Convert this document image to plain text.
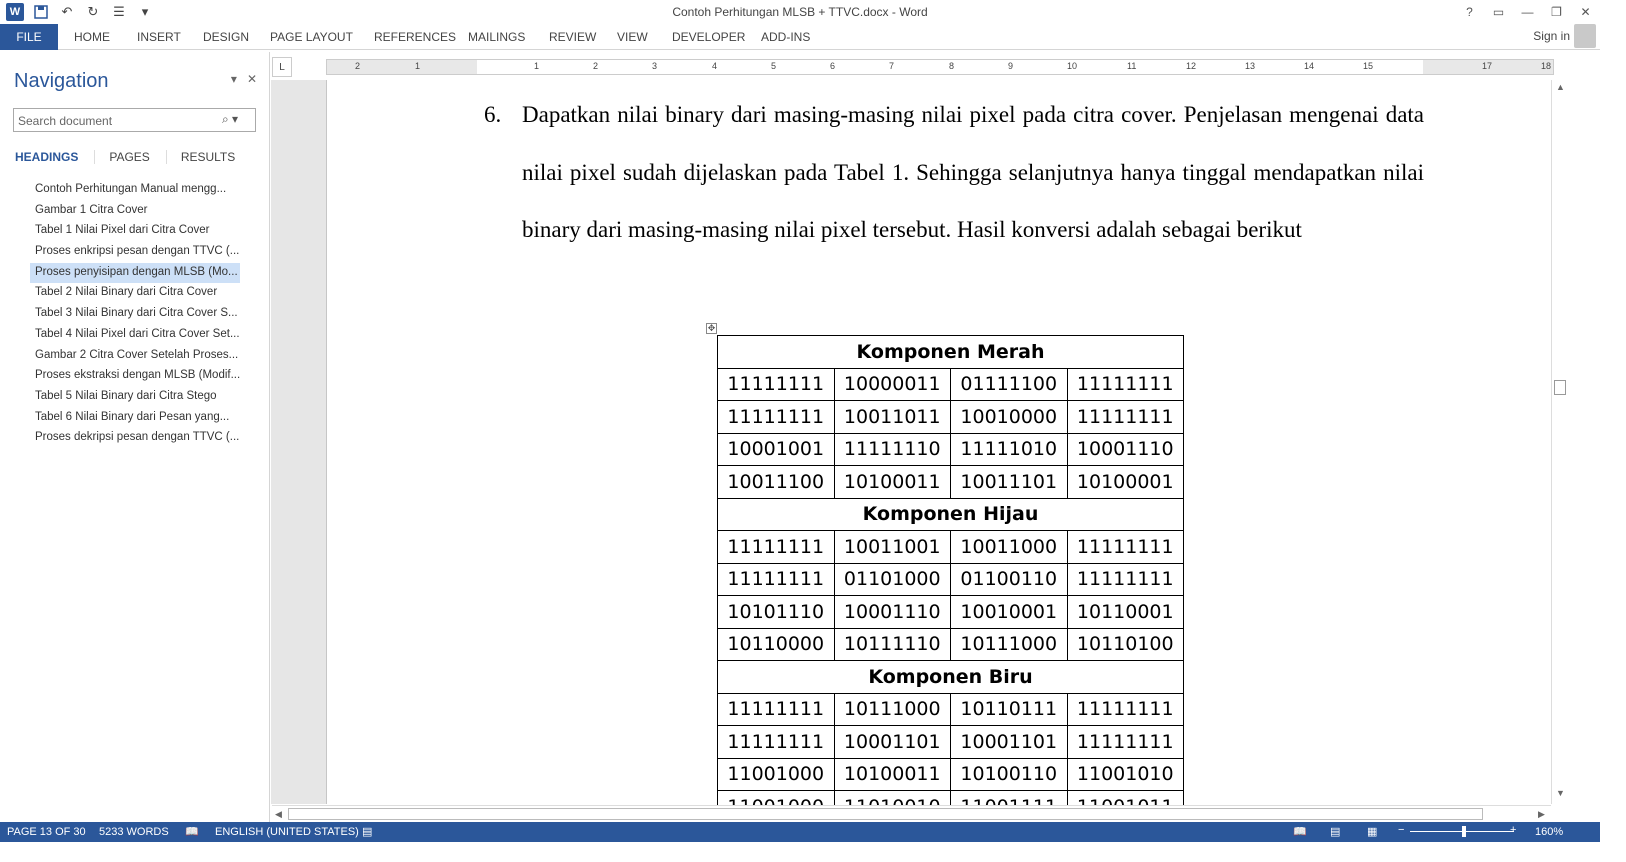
W	↶ ↻ ☰	▾	Contoh Perhitungan MLSB + TTVC.docx - Word	?	▭	—	❐	✕
FILE	HOME INSERT DESIGN PAGE LAYOUT REFERENCES MAILINGS REVIEW VIEW DEVELOPER ADD-INS	Sign in
Navigation	▾ ✕
Search document	⌕ ▾
HEADINGS	PAGES	RESULTS
Contoh Perhitungan Manual mengg...
Gambar 1 Citra Cover
Tabel 1 Nilai Pixel dari Citra Cover
Proses enkripsi pesan dengan TTVC (...
Proses penyisipan dengan MLSB (Mo...
Tabel 2 Nilai Binary dari Citra Cover
Tabel 3 Nilai Binary dari Citra Cover S...
Tabel 4 Nilai Pixel dari Citra Cover Set...
Gambar 2 Citra Cover Setelah Proses...
Proses ekstraksi dengan MLSB (Modif...
Tabel 5 Nilai Binary dari Citra Stego
Tabel 6 Nilai Binary dari Pesan yang...
Proses dekripsi pesan dengan TTVC (...
L	2	1	1	2	3	4	5	6	7	8	9	10	11	12	13	14	15	17	18
6. Dapatkan nilai binary dari masing-masing nilai pixel pada citra cover. Penjelasan mengenai data nilai pixel sudah dijelaskan pada Tabel 1. Sehingga selanjutnya hanya tinggal mendapatkan nilai binary dari masing-masing nilai pixel tersebut. Hasil konversi adalah sebagai berikut
✥
Komponen Merah			
11111111	10000011	01111100	11111111
11111111	10011011	10010000	11111111
10001001	11111110	11111010	10001110
10011100	10100011	10011101	10100001
Komponen Hijau			
11111111	10011001	10011000	11111111
11111111	01101000	01100110	11111111
10101110	10001110	10010001	10110001
10110000	10111110	10111000	10110100
Komponen Biru			
11111111	10111000	10110111	11111111
11111111	10001101	10001101	11111111
11001000	10100011	10100110	11001010

▲
▼
◀	▶
PAGE 13 OF 30 5233 WORDS 📖 ENGLISH (UNITED STATES) ▤	📖 ▤ ▦ −	+ 160%
